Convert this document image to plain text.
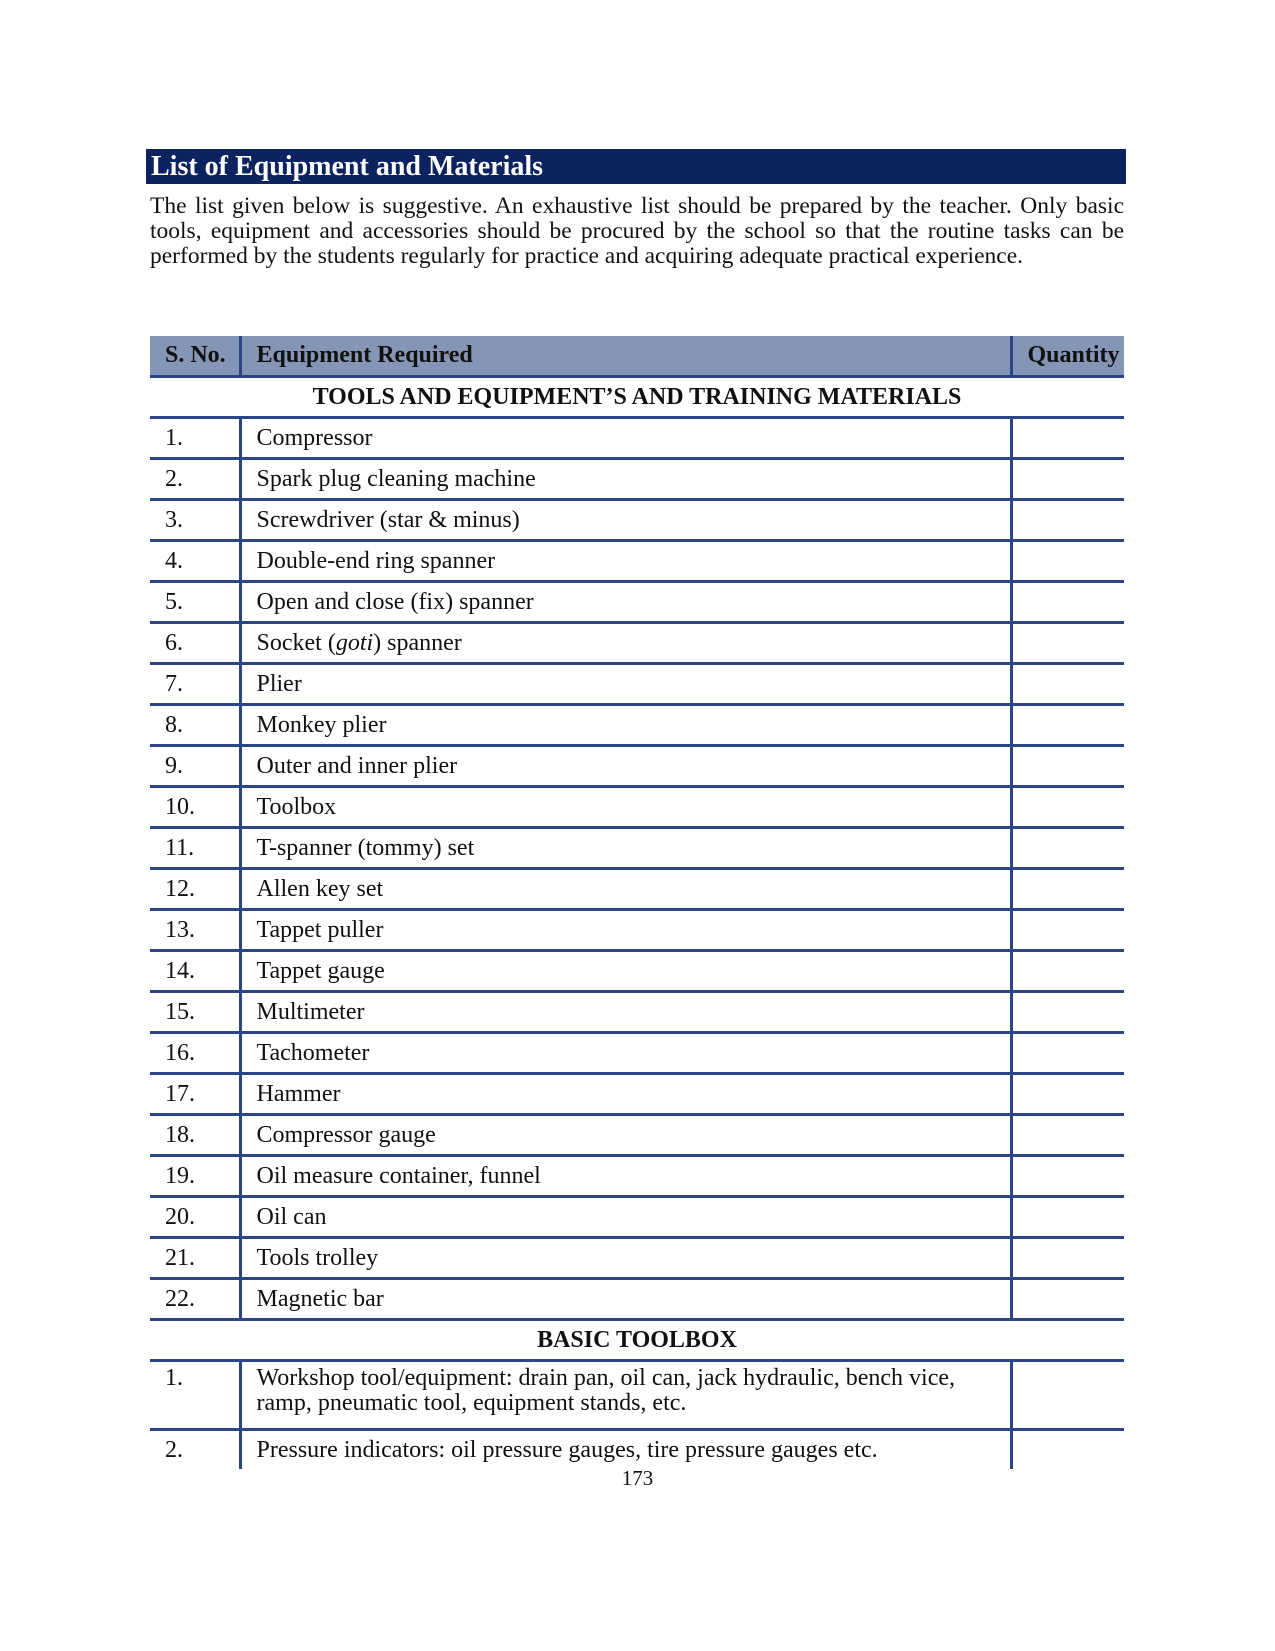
List of Equipment and Materials

The list given below is suggestive. An exhaustive list should be prepared by the teacher. Only basic tools, equipment and accessories should be procured by the school so that the routine tasks can be performed by the students regularly for practice and acquiring adequate practical experience.

S. No.	Equipment Required	Quantity
TOOLS AND EQUIPMENT’S AND TRAINING MATERIALS		
1.	Compressor	
2.	Spark plug cleaning machine	
3.	Screwdriver (star & minus)	
4.	Double-end ring spanner	
5.	Open and close (fix) spanner	
6.	Socket (goti) spanner	
7.	Plier	
8.	Monkey plier	
9.	Outer and inner plier	
10.	Toolbox	
11.	T-spanner (tommy) set	
12.	Allen key set	
13.	Tappet puller	
14.	Tappet gauge	
15.	Multimeter	
16.	Tachometer	
17.	Hammer	
18.	Compressor gauge	
19.	Oil measure container, funnel	
20.	Oil can	
21.	Tools trolley	
22.	Magnetic bar	
BASIC TOOLBOX		
1.	Workshop tool/equipment: drain pan, oil can, jack hydraulic, bench vice, ramp, pneumatic tool, equipment stands, etc.	
2.	Pressure indicators: oil pressure gauges, tire pressure gauges etc.	
173
